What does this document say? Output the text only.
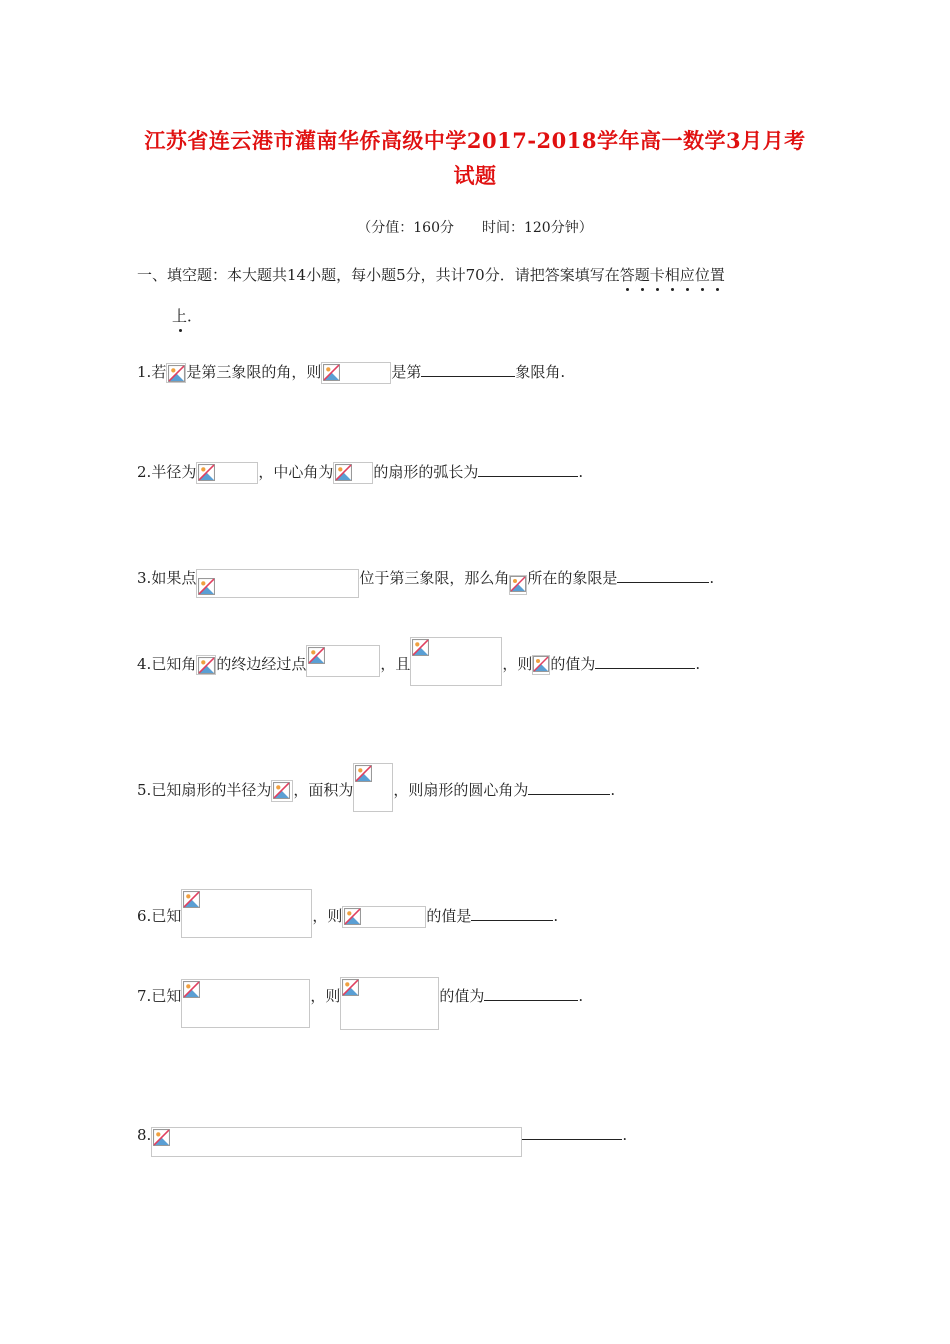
江苏省连云港市灌南华侨高级中学2017-2018学年高一数学3月月考
试题
（分值：160分　　时间：120分钟）
一、填空题：本大题共14小题，每小题5分，共计70分．请把答案填写在答题卡相应位置
上．
1.若 是第三象限的角，则	是第	象限角.
2.半径为	，中心角为	的扇形的弧长为	.
3.如果点	位于第三象限，那么角 所在的象限是	.
4.已知角 的终边经过点	，且	，则 的值为	.
5.已知扇形的半径为 ，面积为	，则扇形的圆心角为	.
6.已知	，则	的值是	.
7.已知	，则	的值为	.
8.	.
